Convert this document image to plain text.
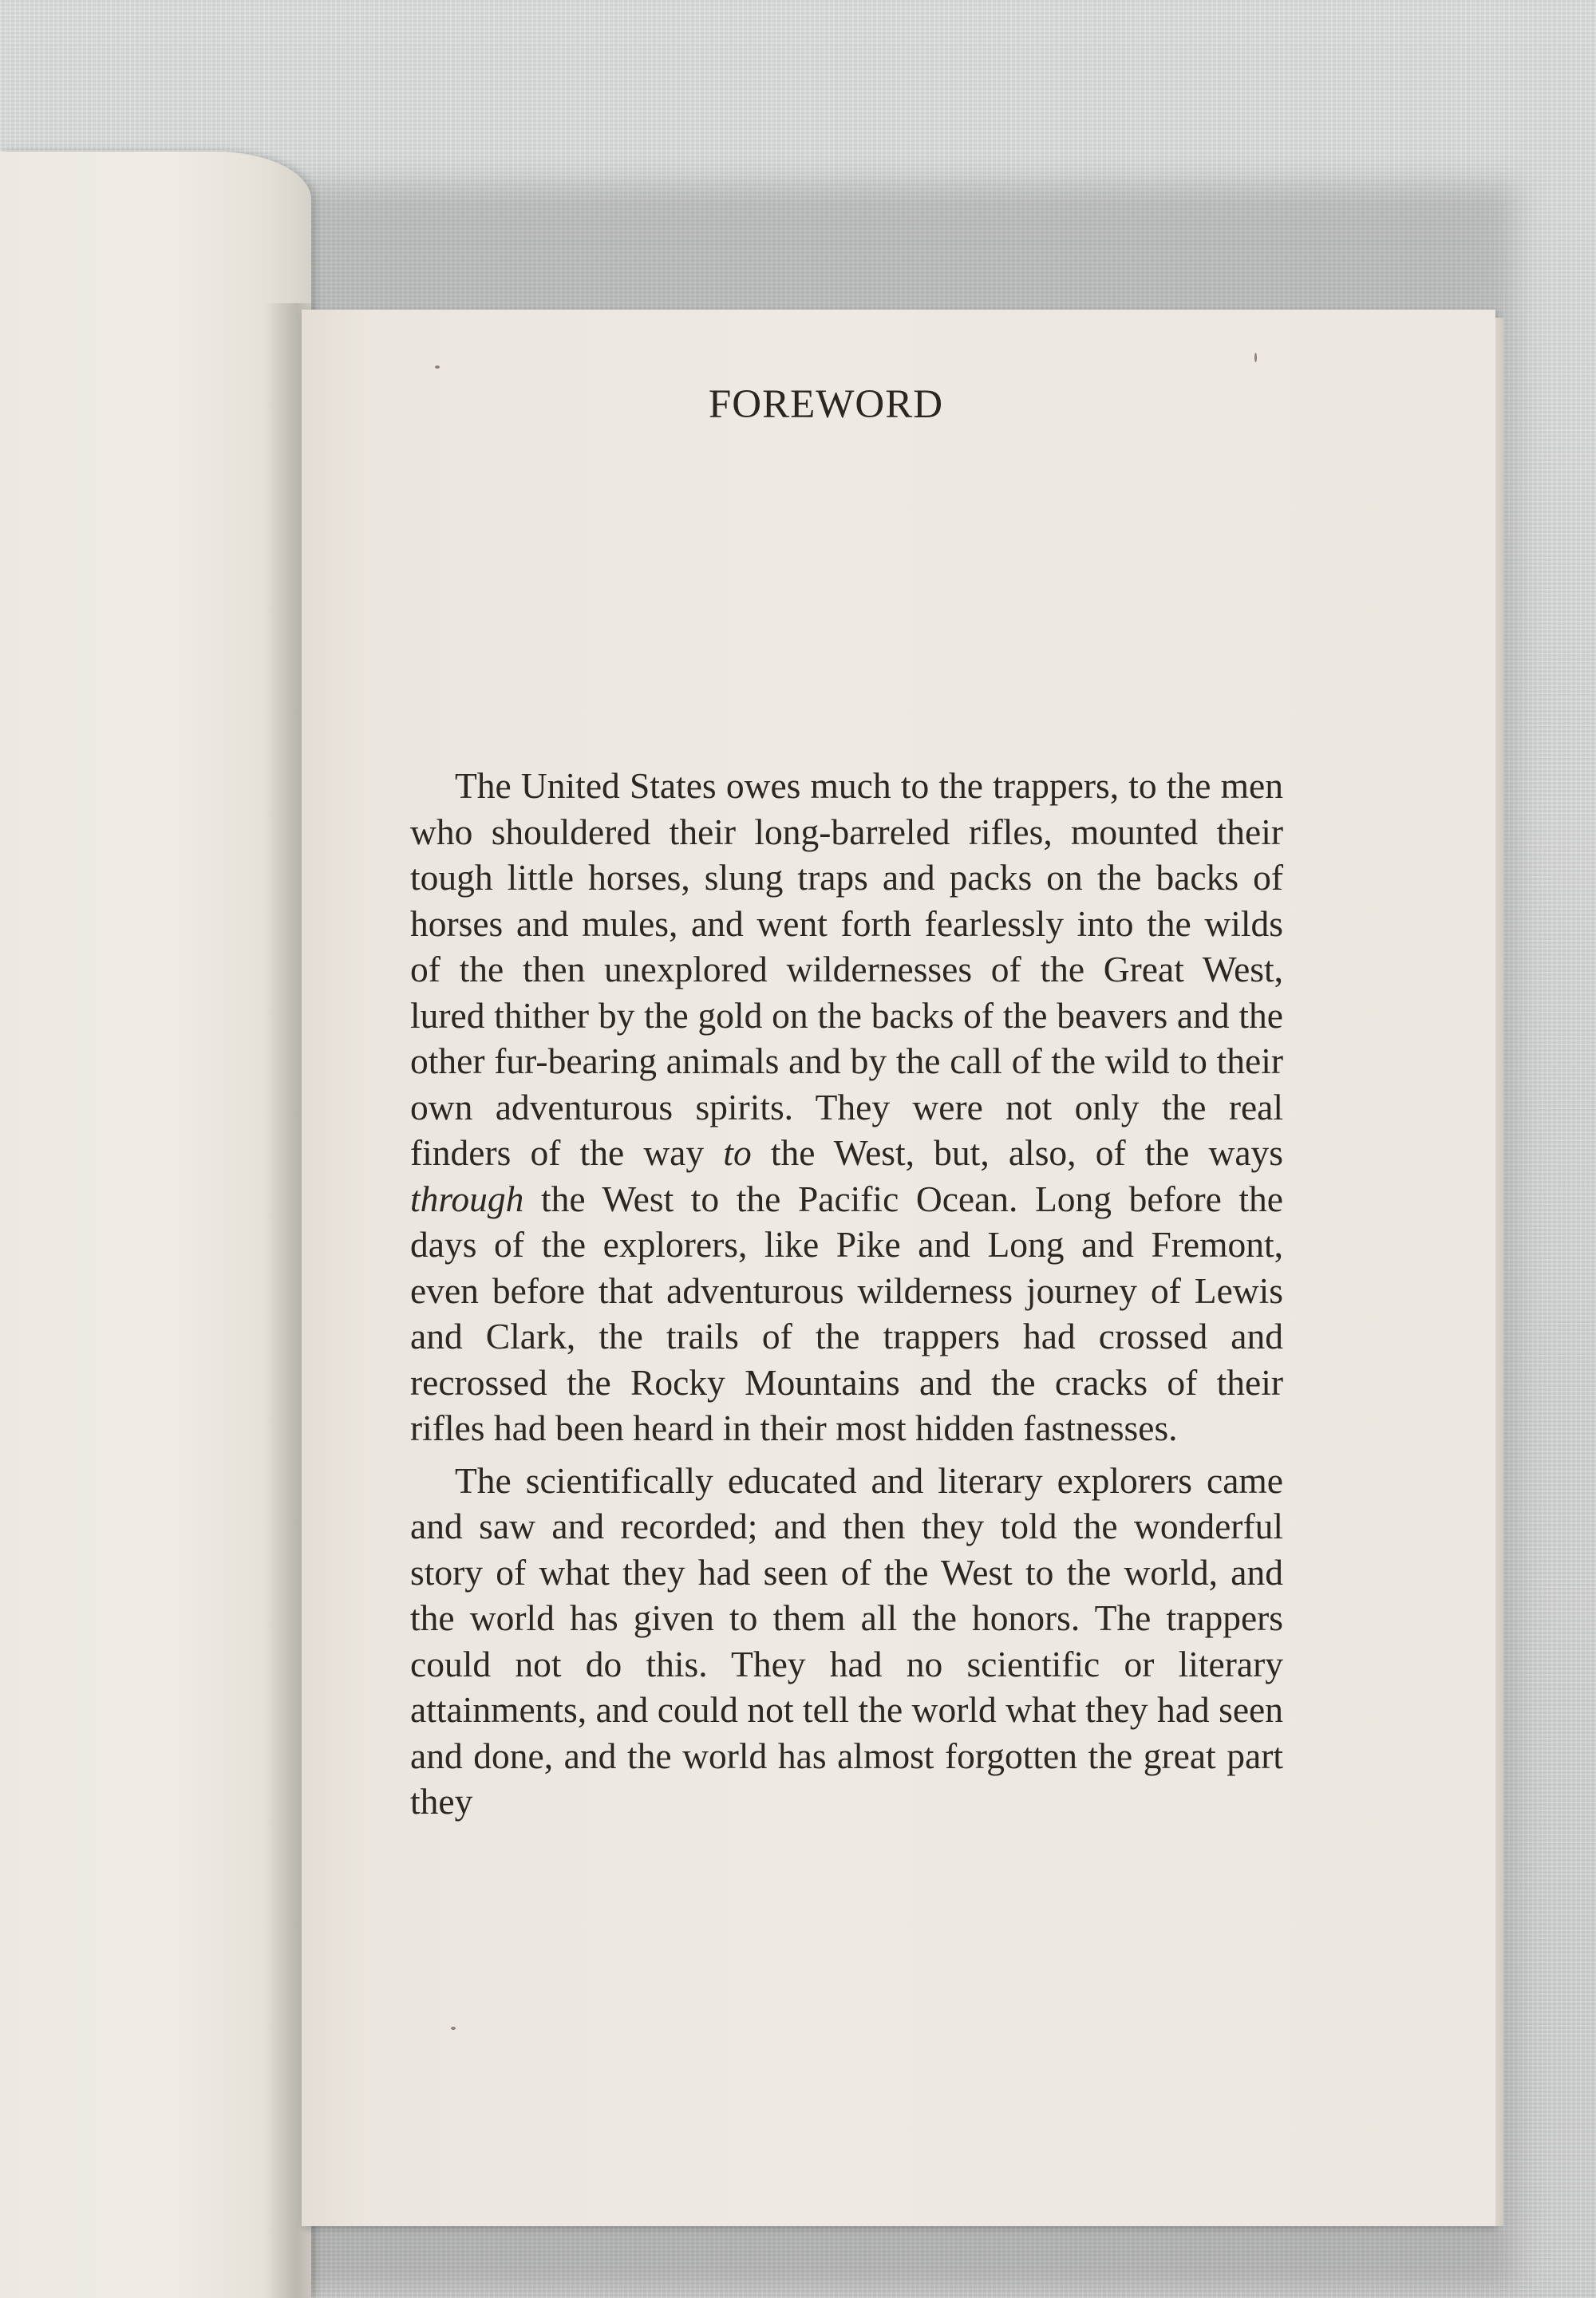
FOREWORD

The United States owes much to the trappers, to the men who shouldered their long-barreled rifles, mounted their tough little horses, slung traps and packs on the backs of horses and mules, and went forth fearlessly into the wilds of the then unexplored wildernesses of the Great West, lured thither by the gold on the backs of the beavers and the other fur-bearing animals and by the call of the wild to their own adventurous spirits. They were not only the real finders of the way to the West, but, also, of the ways through the West to the Pacific Ocean. Long before the days of the explorers, like Pike and Long and Fremont, even before that adventurous wilderness journey of Lewis and Clark, the trails of the trappers had crossed and recrossed the Rocky Mountains and the cracks of their rifles had been heard in their most hidden fastnesses.

The scientifically educated and literary explorers came and saw and recorded; and then they told the wonderful story of what they had seen of the West to the world, and the world has given to them all the honors. The trappers could not do this. They had no scientific or literary attainments, and could not tell the world what they had seen and done, and the world has almost forgotten the great part they
